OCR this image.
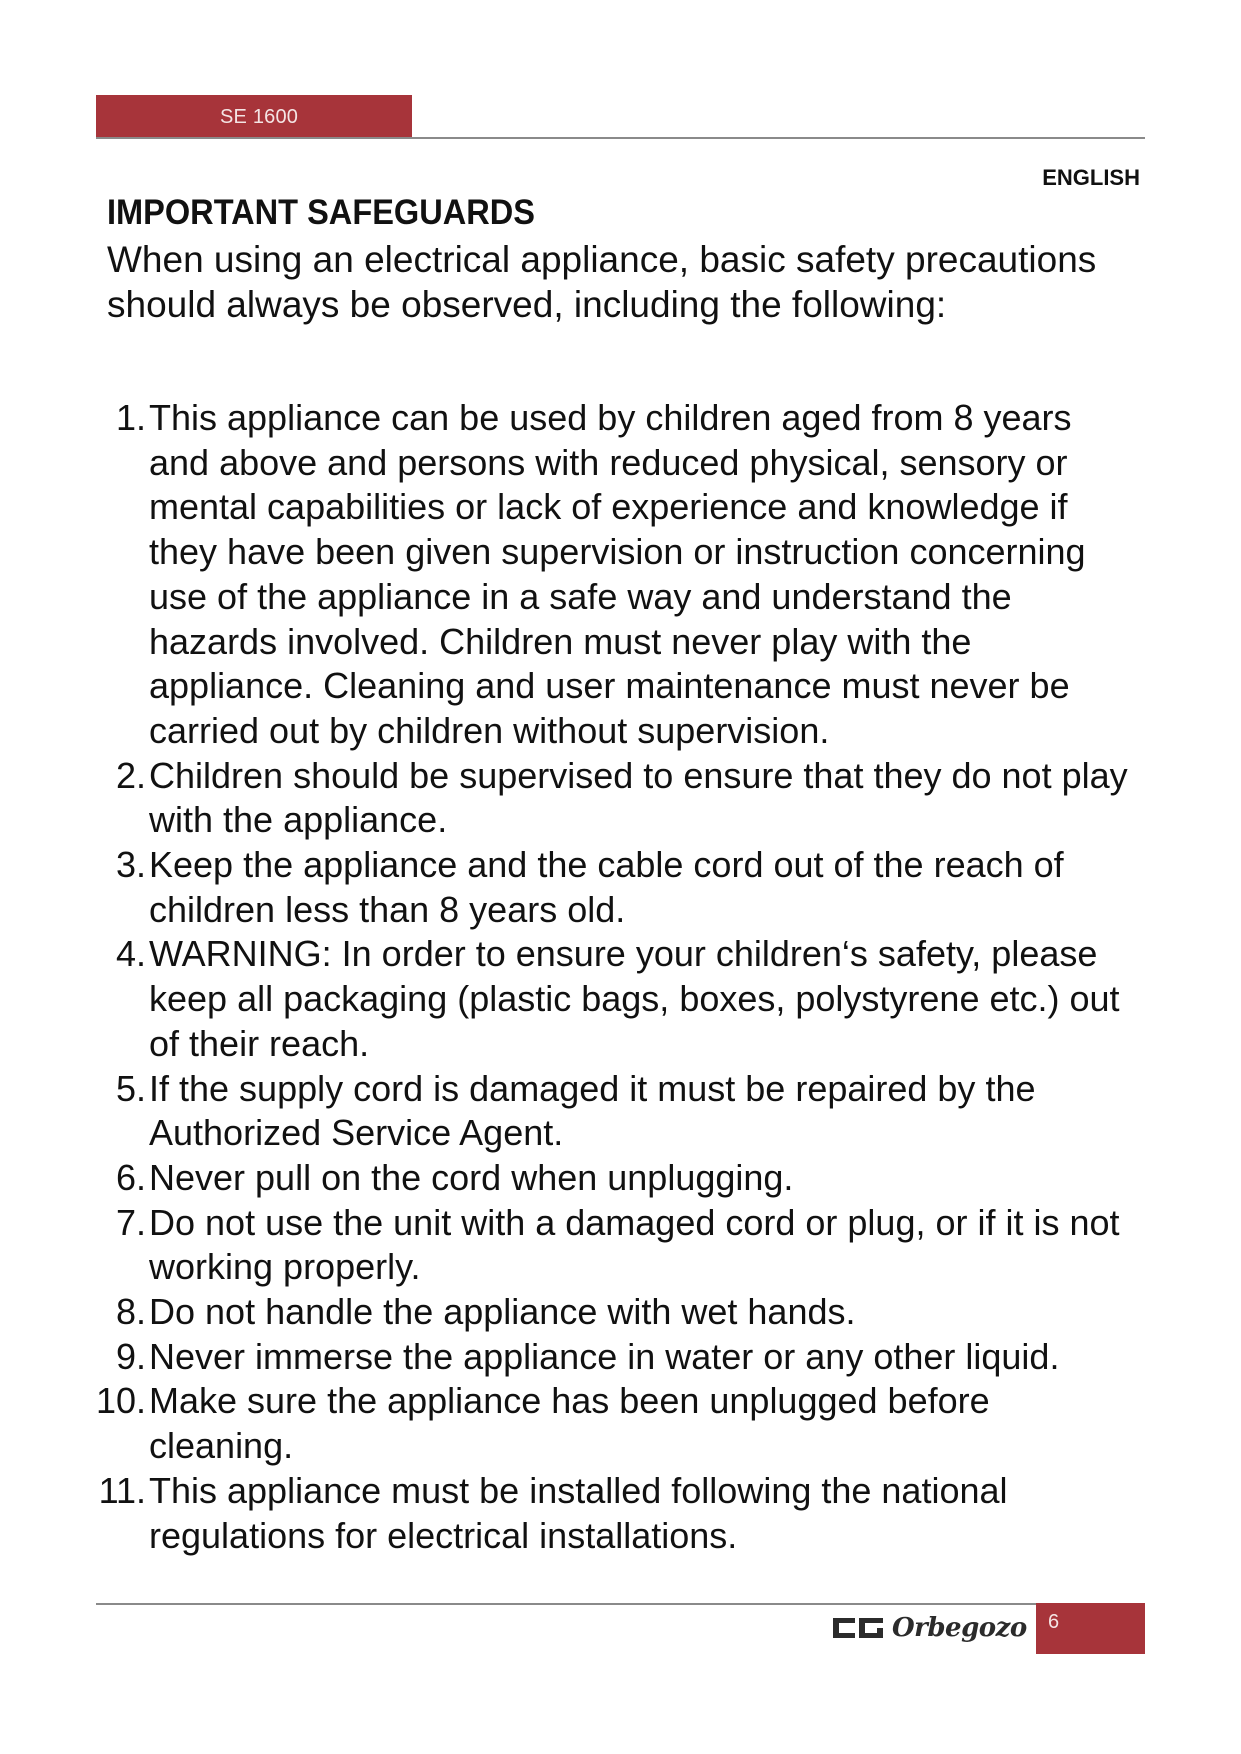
SE 1600
ENGLISH
IMPORTANT SAFEGUARDS

When using an electrical appliance, basic safety precautions should always be observed, including the following:

1. This appliance can be used by children aged from 8 years and above and persons with reduced physical, sensory or mental capabilities or lack of experience and knowledge if they have been given supervision or instruction concerning use of the appliance in a safe way and understand the hazards involved. Children must never play with the appliance. Cleaning and user maintenance must never be carried out by children without supervision.
2. Children should be supervised to ensure that they do not play with the appliance.
3. Keep the appliance and the cable cord out of the reach of children less than 8 years old.
4. WARNING: In order to ensure your children‘s safety, please keep all packaging (plastic bags, boxes, polystyrene etc.) out of their reach.
5. If the supply cord is damaged it must be repaired by the Authorized Service Agent.
6. Never pull on the cord when unplugging.
7. Do not use the unit with a damaged cord or plug, or if it is not working properly.
8. Do not handle the appliance with wet hands.
9. Never immerse the appliance in water or any other liquid.
10. Make sure the appliance has been unplugged before cleaning.
11. This appliance must be installed following the national regulations for electrical installations.
Orbegozo 6
